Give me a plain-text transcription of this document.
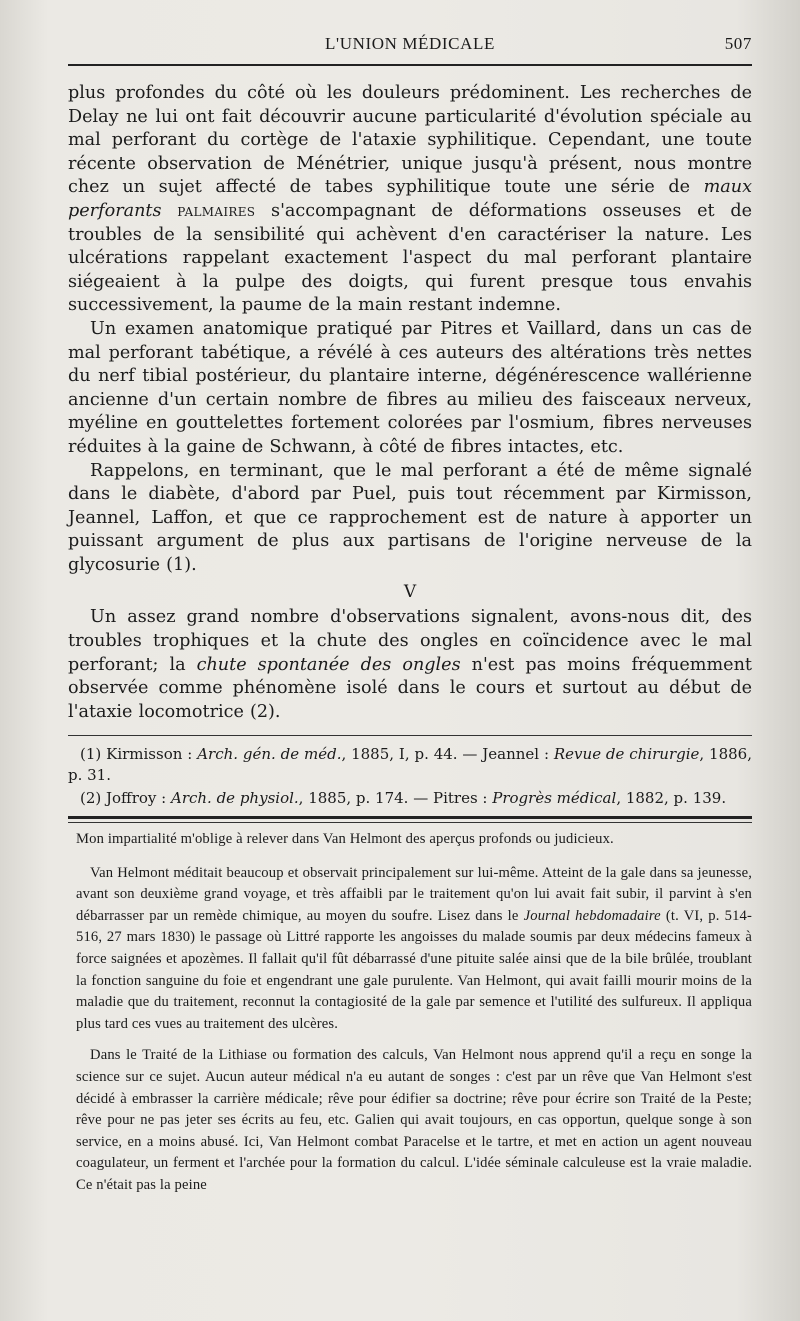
L'UNION MÉDICALE	507

plus profondes du côté où les douleurs prédominent. Les recherches de Delay ne lui ont fait découvrir aucune particularité d'évolution spéciale au mal perforant du cortège de l'ataxie syphilitique. Cependant, une toute récente observation de Ménétrier, unique jusqu'à présent, nous montre chez un sujet affecté de tabes syphilitique toute une série de maux perforants palmaires s'accompagnant de déformations osseuses et de troubles de la sensibilité qui achèvent d'en caractériser la nature. Les ulcérations rappelant exactement l'aspect du mal perforant plantaire siégeaient à la pulpe des doigts, qui furent presque tous envahis successivement, la paume de la main restant indemne.

Un examen anatomique pratiqué par Pitres et Vaillard, dans un cas de mal perforant tabétique, a révélé à ces auteurs des altérations très nettes du nerf tibial postérieur, du plantaire interne, dégénérescence wallérienne ancienne d'un certain nombre de fibres au milieu des faisceaux nerveux, myéline en gouttelettes fortement colorées par l'osmium, fibres nerveuses réduites à la gaine de Schwann, à côté de fibres intactes, etc.

Rappelons, en terminant, que le mal perforant a été de même signalé dans le diabète, d'abord par Puel, puis tout récemment par Kirmisson, Jeannel, Laffon, et que ce rapprochement est de nature à apporter un puissant argument de plus aux partisans de l'origine nerveuse de la glycosurie (1).

V

Un assez grand nombre d'observations signalent, avons-nous dit, des troubles trophiques et la chute des ongles en coïncidence avec le mal perforant; la chute spontanée des ongles n'est pas moins fréquemment observée comme phénomène isolé dans le cours et surtout au début de l'ataxie locomotrice (2).

(1) Kirmisson : Arch. gén. de méd., 1885, I, p. 44. — Jeannel : Revue de chirurgie, 1886, p. 31.

(2) Joffroy : Arch. de physiol., 1885, p. 174. — Pitres : Progrès médical, 1882, p. 139.

Mon impartialité m'oblige à relever dans Van Helmont des aperçus profonds ou judicieux.

Van Helmont méditait beaucoup et observait principalement sur lui-même. Atteint de la gale dans sa jeunesse, avant son deuxième grand voyage, et très affaibli par le traitement qu'on lui avait fait subir, il parvint à s'en débarrasser par un remède chimique, au moyen du soufre. Lisez dans le Journal hebdomadaire (t. VI, p. 514-516, 27 mars 1830) le passage où Littré rapporte les angoisses du malade soumis par deux médecins fameux à force saignées et apozèmes. Il fallait qu'il fût débarrassé d'une pituite salée ainsi que de la bile brûlée, troublant la fonction sanguine du foie et engendrant une gale purulente. Van Helmont, qui avait failli mourir moins de la maladie que du traitement, reconnut la contagiosité de la gale par semence et l'utilité des sulfureux. Il appliqua plus tard ces vues au traitement des ulcères.

Dans le Traité de la Lithiase ou formation des calculs, Van Helmont nous apprend qu'il a reçu en songe la science sur ce sujet. Aucun auteur médical n'a eu autant de songes : c'est par un rêve que Van Helmont s'est décidé à embrasser la carrière médicale; rêve pour édifier sa doctrine; rêve pour écrire son Traité de la Peste; rêve pour ne pas jeter ses écrits au feu, etc. Galien qui avait toujours, en cas opportun, quelque songe à son service, en a moins abusé. Ici, Van Helmont combat Paracelse et le tartre, et met en action un agent nouveau coagulateur, un ferment et l'archée pour la formation du calcul. L'idée séminale calculeuse est la vraie maladie. Ce n'était pas la peine
